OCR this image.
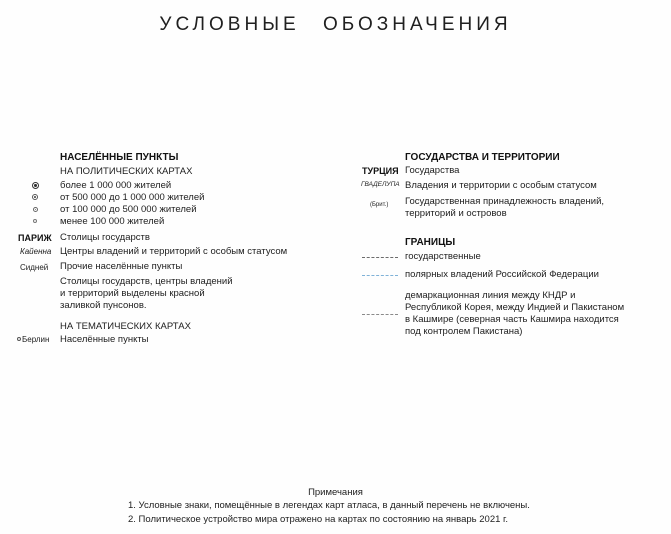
УСЛОВНЫЕ ОБОЗНАЧЕНИЯ
НАСЕЛЁННЫЕ ПУНКТЫ
НА ПОЛИТИЧЕСКИХ КАРТАХ
более 1 000 000 жителей
от 500 000 до 1 000 000 жителей
от 100 000 до 500 000 жителей
менее 100 000 жителей
ПАРИЖ Столицы государств
Кайенна Центры владений и территорий с особым статусом
Сидней Прочие населённые пункты
Столицы государств, центры владений и территорий выделены красной заливкой пунсонов.
НА ТЕМАТИЧЕСКИХ КАРТАХ
Берлин Населённые пункты
ГОСУДАРСТВА И ТЕРРИТОРИИ
ТУРЦИЯ Государства
ГВАДЕЛУПА Владения и территории с особым статусом
(Брит.) Государственная принадлежность владений, территорий и островов
ГРАНИЦЫ
государственные
полярных владений Российской Федерации
демаркационная линия между КНДР и Республикой Корея, между Индией и Пакистаном в Кашмире (северная часть Кашмира находится под контролем Пакистана)
Примечания
1. Условные знаки, помещённые в легендах карт атласа, в данный перечень не включены.
2. Политическое устройство мира отражено на картах по состоянию на январь 2021 г.
